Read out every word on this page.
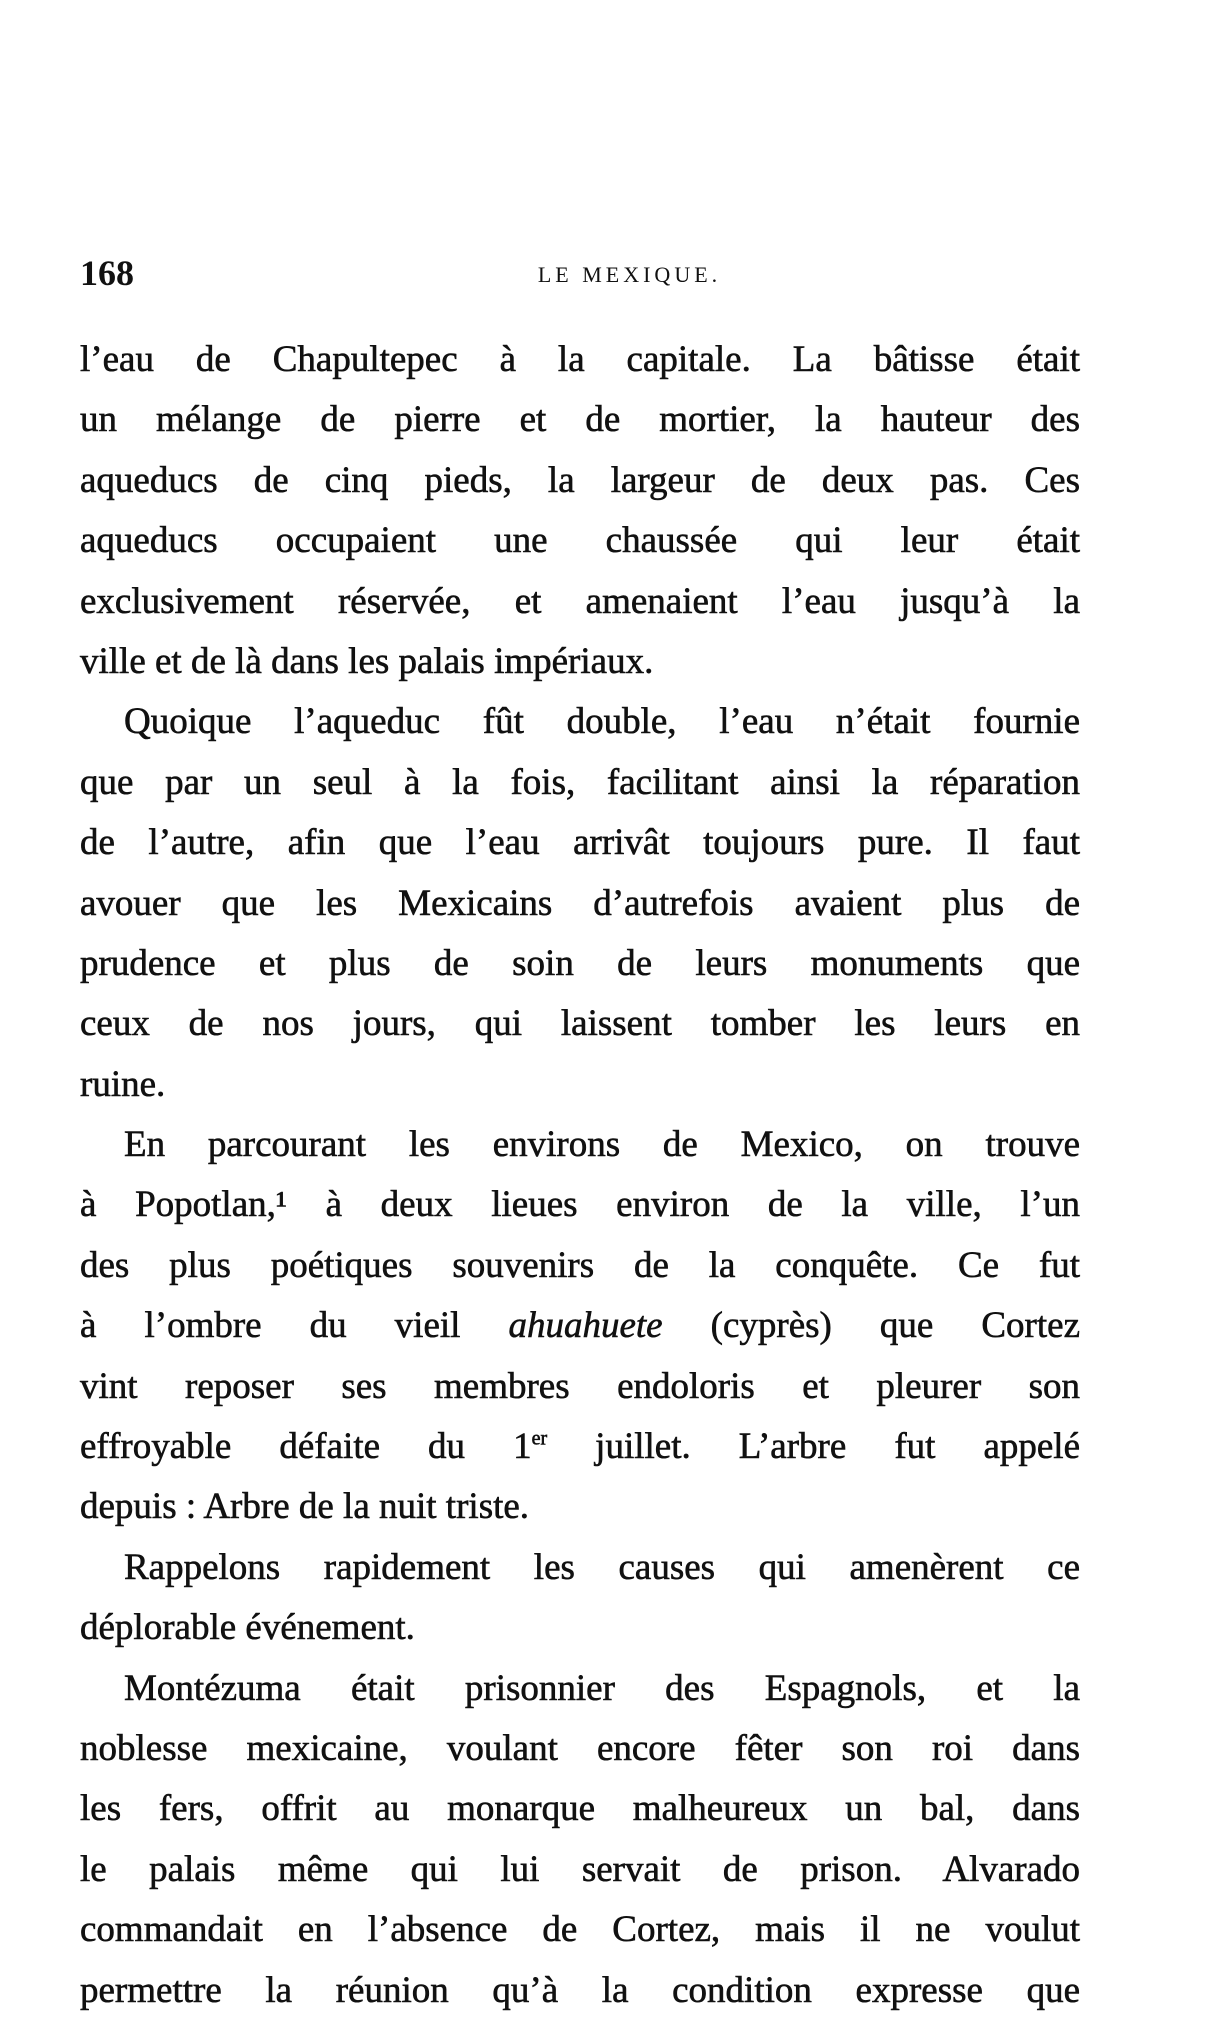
168	LE MEXIQUE.
l’eau de Chapultepec à la capitale. La bâtisse était
un mélange de pierre et de mortier, la hauteur des
aqueducs de cinq pieds, la largeur de deux pas. Ces
aqueducs occupaient une chaussée qui leur était
exclusivement réservée, et amenaient l’eau jusqu’à la
ville et de là dans les palais impériaux.
Quoique l’aqueduc fût double, l’eau n’était fournie
que par un seul à la fois, facilitant ainsi la réparation
de l’autre, afin que l’eau arrivât toujours pure. Il faut
avouer que les Mexicains d’autrefois avaient plus de
prudence et plus de soin de leurs monuments que
ceux de nos jours, qui laissent tomber les leurs en
ruine.
En parcourant les environs de Mexico, on trouve
à Popotlan,¹ à deux lieues environ de la ville, l’un
des plus poétiques souvenirs de la conquête. Ce fut
à l’ombre du vieil ahuahuete (cyprès) que Cortez
vint reposer ses membres endoloris et pleurer son
effroyable défaite du 1er juillet. L’arbre fut appelé
depuis : Arbre de la nuit triste.
Rappelons rapidement les causes qui amenèrent ce
déplorable événement.
Montézuma était prisonnier des Espagnols, et la
noblesse mexicaine, voulant encore fêter son roi dans
les fers, offrit au monarque malheureux un bal, dans
le palais même qui lui servait de prison. Alvarado
commandait en l’absence de Cortez, mais il ne voulut
permettre la réunion qu’à la condition expresse que
